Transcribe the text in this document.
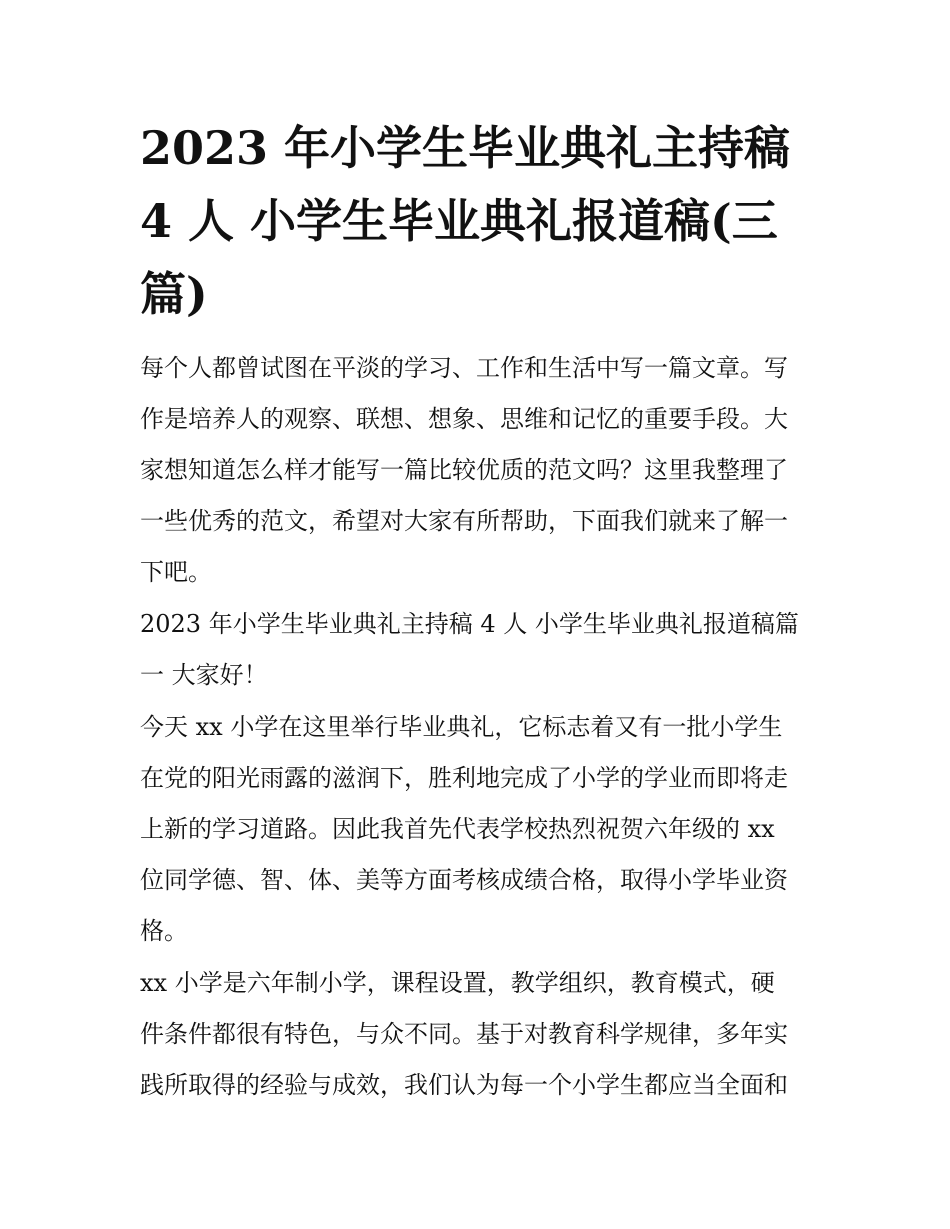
2023 年小学生毕业典礼主持稿
4 人 小学生毕业典礼报道稿(三
篇)

每个人都曾试图在平淡的学习、工作和生活中写一篇文章。写
作是培养人的观察、联想、想象、思维和记忆的重要手段。大
家想知道怎么样才能写一篇比较优质的范文吗？这里我整理了
一些优秀的范文，希望对大家有所帮助，下面我们就来了解一
下吧。

2023 年小学生毕业典礼主持稿 4 人 小学生毕业典礼报道稿篇
一 大家好！

今天 xx 小学在这里举行毕业典礼，它标志着又有一批小学生
在党的阳光雨露的滋润下，胜利地完成了小学的学业而即将走
上新的学习道路。因此我首先代表学校热烈祝贺六年级的 xx
位同学德、智、体、美等方面考核成绩合格，取得小学毕业资
格。

xx 小学是六年制小学，课程设置，教学组织，教育模式，硬
件条件都很有特色，与众不同。基于对教育科学规律，多年实
践所取得的经验与成效，我们认为每一个小学生都应当全面和
